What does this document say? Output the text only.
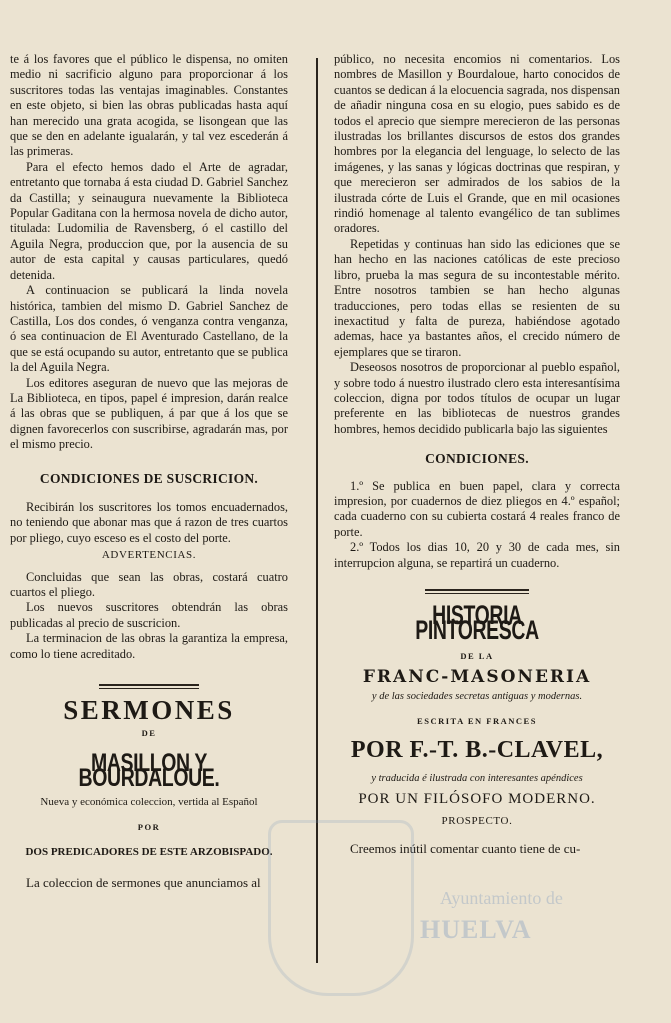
te á los favores que el público le dispensa, no omiten medio ni sacrificio alguno para proporcionar á los suscritores todas las ventajas imaginables. Constantes en este objeto, si bien las obras publicadas hasta aquí han merecido una grata acogida, se lisongean que las que se den en adelante igualarán, y tal vez escederán á las primeras.

Para el efecto hemos dado el Arte de agradar, entretanto que tornaba á esta ciudad D. Gabriel Sanchez da Castilla; y seinaugura nuevamente la Biblioteca Popular Gaditana con la hermosa novela de dicho autor, titulada: Ludomilia de Ravensberg, ó el castillo del Aguila Negra, produccion que, por la ausencia de su autor de esta capital y causas particulares, quedó detenida.

A continuacion se publicará la linda novela histórica, tambien del mismo D. Gabriel Sanchez de Castilla, Los dos condes, ó venganza contra venganza, ó sea continuacion de El Aventurado Castellano, de la que se está ocupando su autor, entretanto que se publica la del Aguila Negra.

Los editores aseguran de nuevo que las mejoras de La Biblioteca, en tipos, papel é impresion, darán realce á las obras que se publiquen, á par que á los que se dignen favorecerlos con suscribirse, agradarán mas, por el mismo precio.

CONDICIONES DE SUSCRICION.

Recibirán los suscritores los tomos encuadernados, no teniendo que abonar mas que á razon de tres cuartos por pliego, cuyo esceso es el costo del porte.

ADVERTENCIAS.

Concluidas que sean las obras, costará cuatro cuartos el pliego.

Los nuevos suscritores obtendrán las obras publicadas al precio de suscricion.

La terminacion de las obras la garantiza la empresa, como lo tiene acreditado.

SERMONES

DE

MASILLON Y BOURDALOUE.

Nueva y económica coleccion, vertida al Español

POR

DOS PREDICADORES DE ESTE ARZOBISPADO.

La coleccion de sermones que anunciamos al

público, no necesita encomios ni comentarios. Los nombres de Masillon y Bourdaloue, harto conocidos de cuantos se dedican á la elocuencia sagrada, nos dispensan de añadir ninguna cosa en su elogio, pues sabido es de todos el aprecio que siempre merecieron de las personas ilustradas los brillantes discursos de estos dos grandes hombres por la elegancia del lenguage, lo selecto de las imágenes, y las sanas y lógicas doctrinas que respiran, y que merecieron ser admirados de los sabios de la ilustrada córte de Luis el Grande, que en mil ocasiones rindió homenage al talento evangélico de tan sublimes oradores.

Repetidas y continuas han sido las ediciones que se han hecho en las naciones católicas de este precioso libro, prueba la mas segura de su incontestable mérito. Entre nosotros tambien se han hecho algunas traducciones, pero todas ellas se resienten de su inexactitud y falta de pureza, habiéndose agotado ademas, hace ya bastantes años, el crecido número de ejemplares que se tiraron.

Deseosos nosotros de proporcionar al pueblo español, y sobre todo á nuestro ilustrado clero esta interesantísima coleccion, digna por todos títulos de ocupar un lugar preferente en las bibliotecas de nuestros grandes hombres, hemos decidido publicarla bajo las siguientes

CONDICIONES.

1.º Se publica en buen papel, clara y correcta impresion, por cuadernos de diez pliegos en 4.º español; cada cuaderno con su cubierta costará 4 reales franco de porte.

2.º Todos los dias 10, 20 y 30 de cada mes, sin interrupcion alguna, se repartirá un cuaderno.

HISTORIA PINTORESCA

DE LA

FRANC-MASONERIA

y de las sociedades secretas antiguas y modernas.

ESCRITA EN FRANCES

POR F.-T. B.-CLAVEL,

y traducida é ilustrada con interesantes apéndices

POR UN FILÓSOFO MODERNO.

PROSPECTO.

Creemos inútil comentar cuanto tiene de cu-

Ayuntamiento de
HUELVA
